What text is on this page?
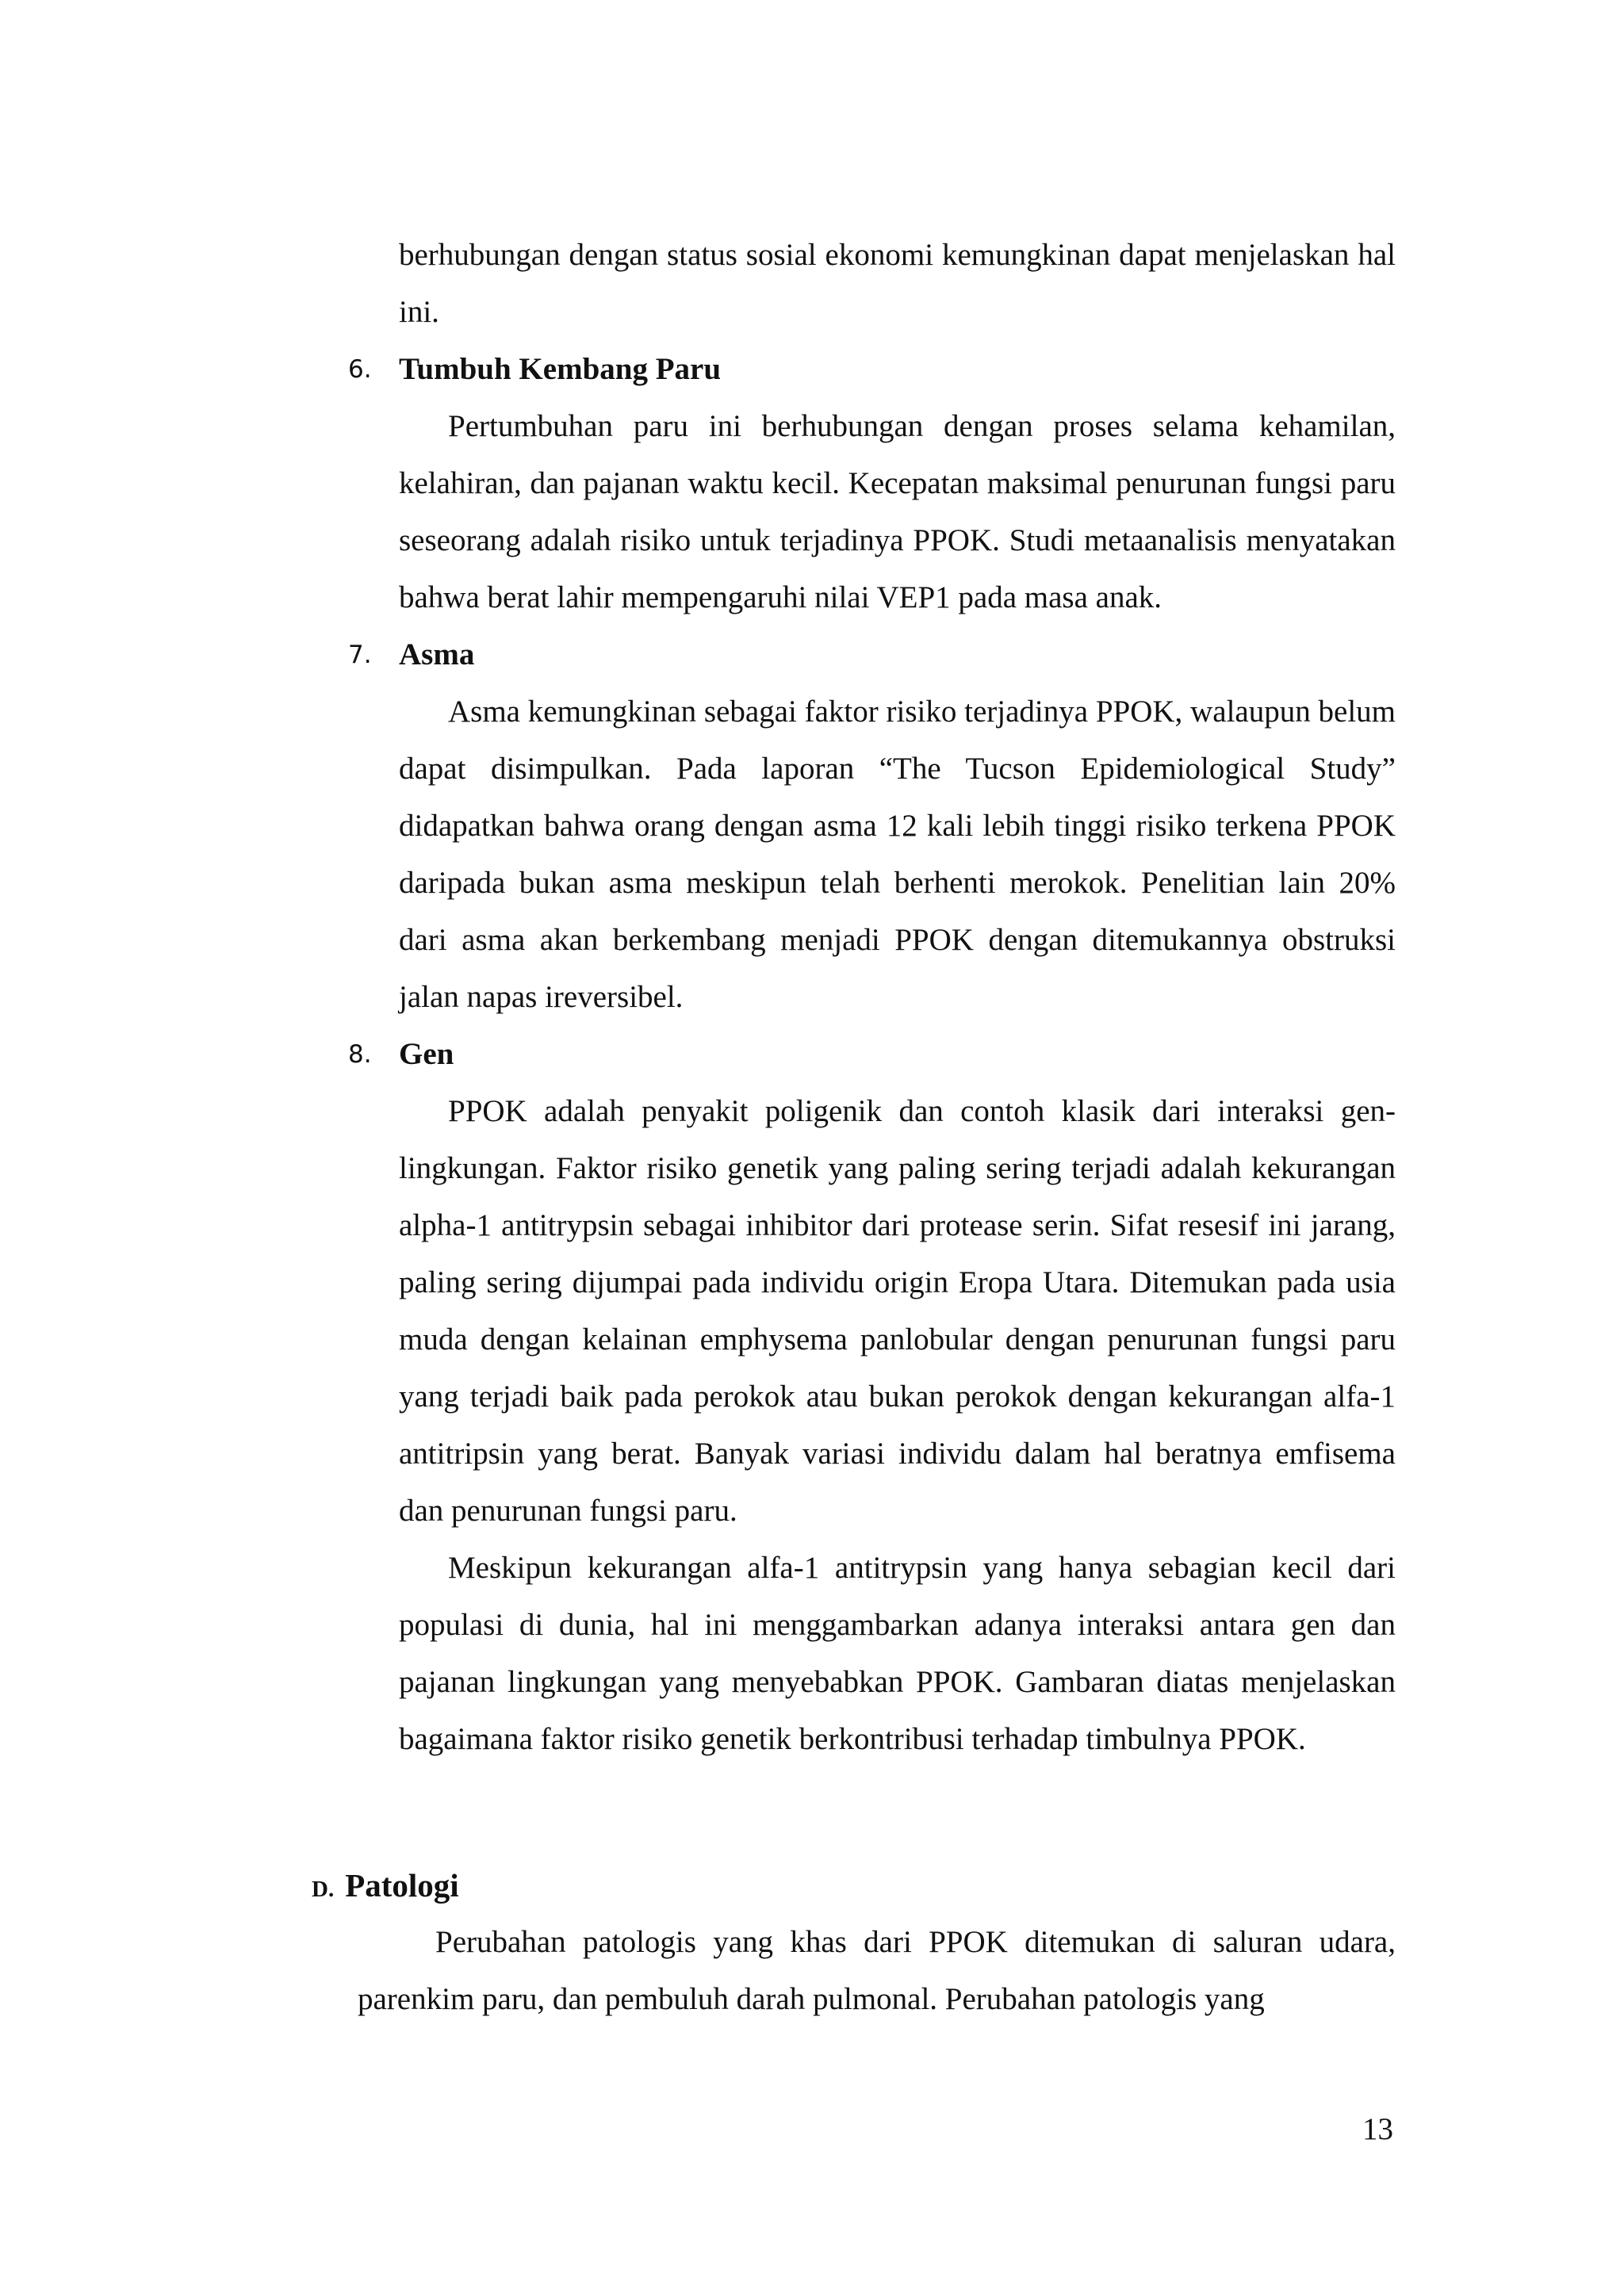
berhubungan dengan status sosial ekonomi kemungkinan dapat menjelaskan hal ini.

6. Tumbuh Kembang Paru

Pertumbuhan paru ini berhubungan dengan proses selama kehamilan, kelahiran, dan pajanan waktu kecil. Kecepatan maksimal penurunan fungsi paru seseorang adalah risiko untuk terjadinya PPOK. Studi metaanalisis menyatakan bahwa berat lahir mempengaruhi nilai VEP1 pada masa anak.

7. Asma

Asma kemungkinan sebagai faktor risiko terjadinya PPOK, walaupun belum dapat disimpulkan. Pada laporan “The Tucson Epidemiological Study” didapatkan bahwa orang dengan asma 12 kali lebih tinggi risiko terkena PPOK daripada bukan asma meskipun telah berhenti merokok. Penelitian lain 20% dari asma akan berkembang menjadi PPOK dengan ditemukannya obstruksi jalan napas ireversibel.

8. Gen

PPOK adalah penyakit poligenik dan contoh klasik dari interaksi gen-lingkungan. Faktor risiko genetik yang paling sering terjadi adalah kekurangan alpha-1 antitrypsin sebagai inhibitor dari protease serin. Sifat resesif ini jarang, paling sering dijumpai pada individu origin Eropa Utara. Ditemukan pada usia muda dengan kelainan emphysema panlobular dengan penurunan fungsi paru yang terjadi baik pada perokok atau bukan perokok dengan kekurangan alfa-1 antitripsin yang berat. Banyak variasi individu dalam hal beratnya emfisema dan penurunan fungsi paru.

Meskipun kekurangan alfa-1 antitrypsin yang hanya sebagian kecil dari populasi di dunia, hal ini menggambarkan adanya interaksi antara gen dan pajanan lingkungan yang menyebabkan PPOK. Gambaran diatas menjelaskan bagaimana faktor risiko genetik berkontribusi terhadap timbulnya PPOK.

D. Patologi

Perubahan patologis yang khas dari PPOK ditemukan di saluran udara, parenkim paru, dan pembuluh darah pulmonal. Perubahan patologis yang

13
